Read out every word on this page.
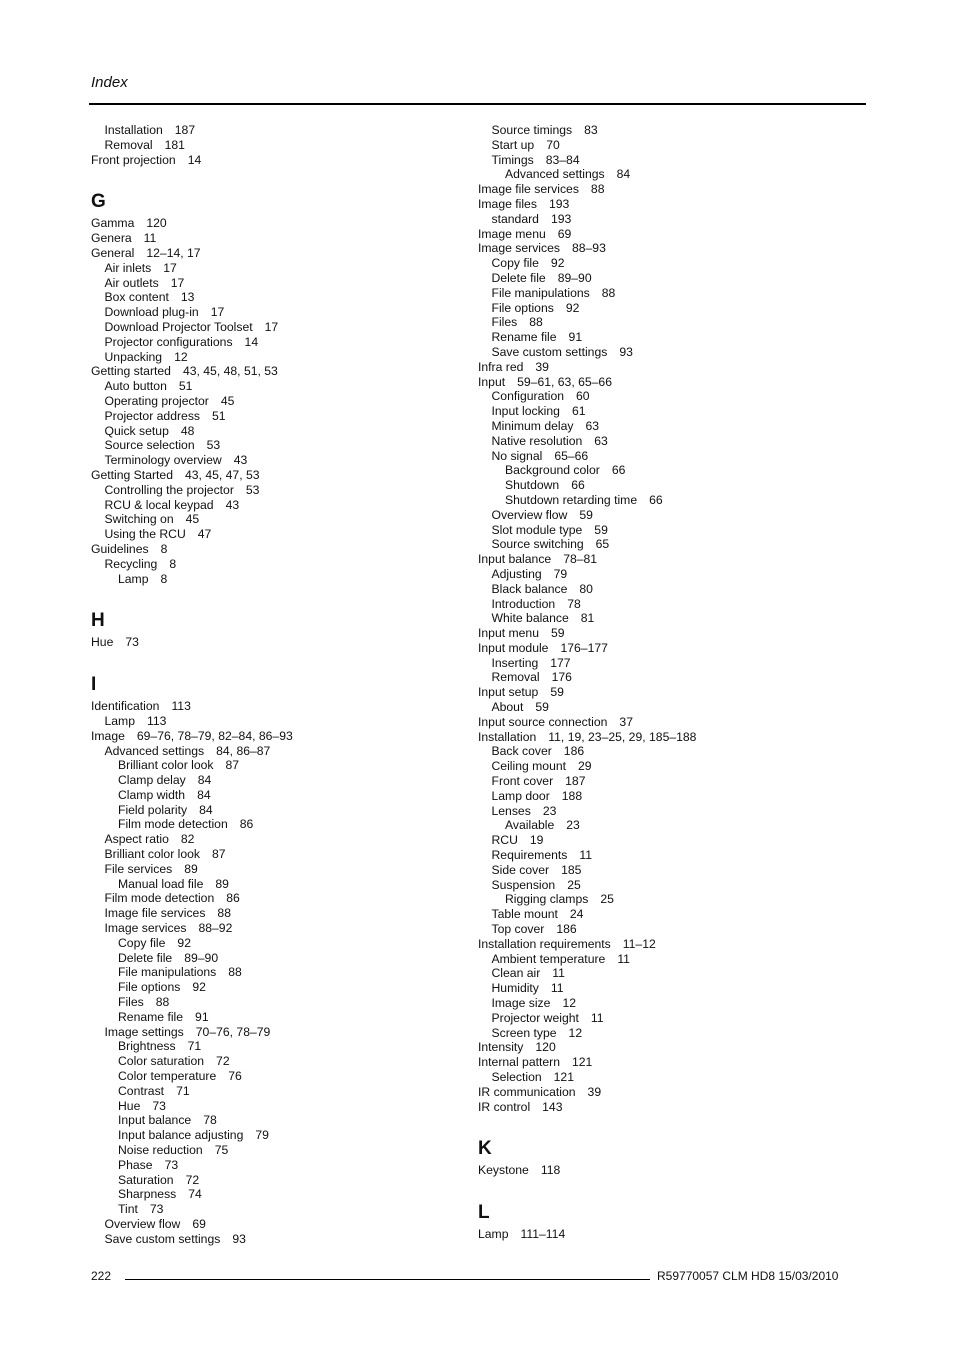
Index
Installation 187
Removal 181
Front projection 14
G
Gamma 120
Genera 11
General 12–14, 17
Air inlets 17
Air outlets 17
Box content 13
Download plug-in 17
Download Projector Toolset 17
Projector configurations 14
Unpacking 12
Getting started 43, 45, 48, 51, 53
Auto button 51
Operating projector 45
Projector address 51
Quick setup 48
Source selection 53
Terminology overview 43
Getting Started 43, 45, 47, 53
Controlling the projector 53
RCU & local keypad 43
Switching on 45
Using the RCU 47
Guidelines 8
Recycling 8
Lamp 8
H
Hue 73
I
Identification 113
Lamp 113
Image 69–76, 78–79, 82–84, 86–93
Advanced settings 84, 86–87
Brilliant color look 87
Clamp delay 84
Clamp width 84
Field polarity 84
Film mode detection 86
Aspect ratio 82
Brilliant color look 87
File services 89
Manual load file 89
Film mode detection 86
Image file services 88
Image services 88–92
Copy file 92
Delete file 89–90
File manipulations 88
File options 92
Files 88
Rename file 91
Image settings 70–76, 78–79
Brightness 71
Color saturation 72
Color temperature 76
Contrast 71
Hue 73
Input balance 78
Input balance adjusting 79
Noise reduction 75
Phase 73
Saturation 72
Sharpness 74
Tint 73
Overview flow 69
Save custom settings 93
Source timings 83
Start up 70
Timings 83–84
Advanced settings 84
Image file services 88
Image files 193
standard 193
Image menu 69
Image services 88–93
Copy file 92
Delete file 89–90
File manipulations 88
File options 92
Files 88
Rename file 91
Save custom settings 93
Infra red 39
Input 59–61, 63, 65–66
Configuration 60
Input locking 61
Minimum delay 63
Native resolution 63
No signal 65–66
Background color 66
Shutdown 66
Shutdown retarding time 66
Overview flow 59
Slot module type 59
Source switching 65
Input balance 78–81
Adjusting 79
Black balance 80
Introduction 78
White balance 81
Input menu 59
Input module 176–177
Inserting 177
Removal 176
Input setup 59
About 59
Input source connection 37
Installation 11, 19, 23–25, 29, 185–188
Back cover 186
Ceiling mount 29
Front cover 187
Lamp door 188
Lenses 23
Available 23
RCU 19
Requirements 11
Side cover 185
Suspension 25
Rigging clamps 25
Table mount 24
Top cover 186
Installation requirements 11–12
Ambient temperature 11
Clean air 11
Humidity 11
Image size 12
Projector weight 11
Screen type 12
Intensity 120
Internal pattern 121
Selection 121
IR communication 39
IR control 143
K
Keystone 118
L
Lamp 111–114
222	R59770057 CLM HD8 15/03/2010
